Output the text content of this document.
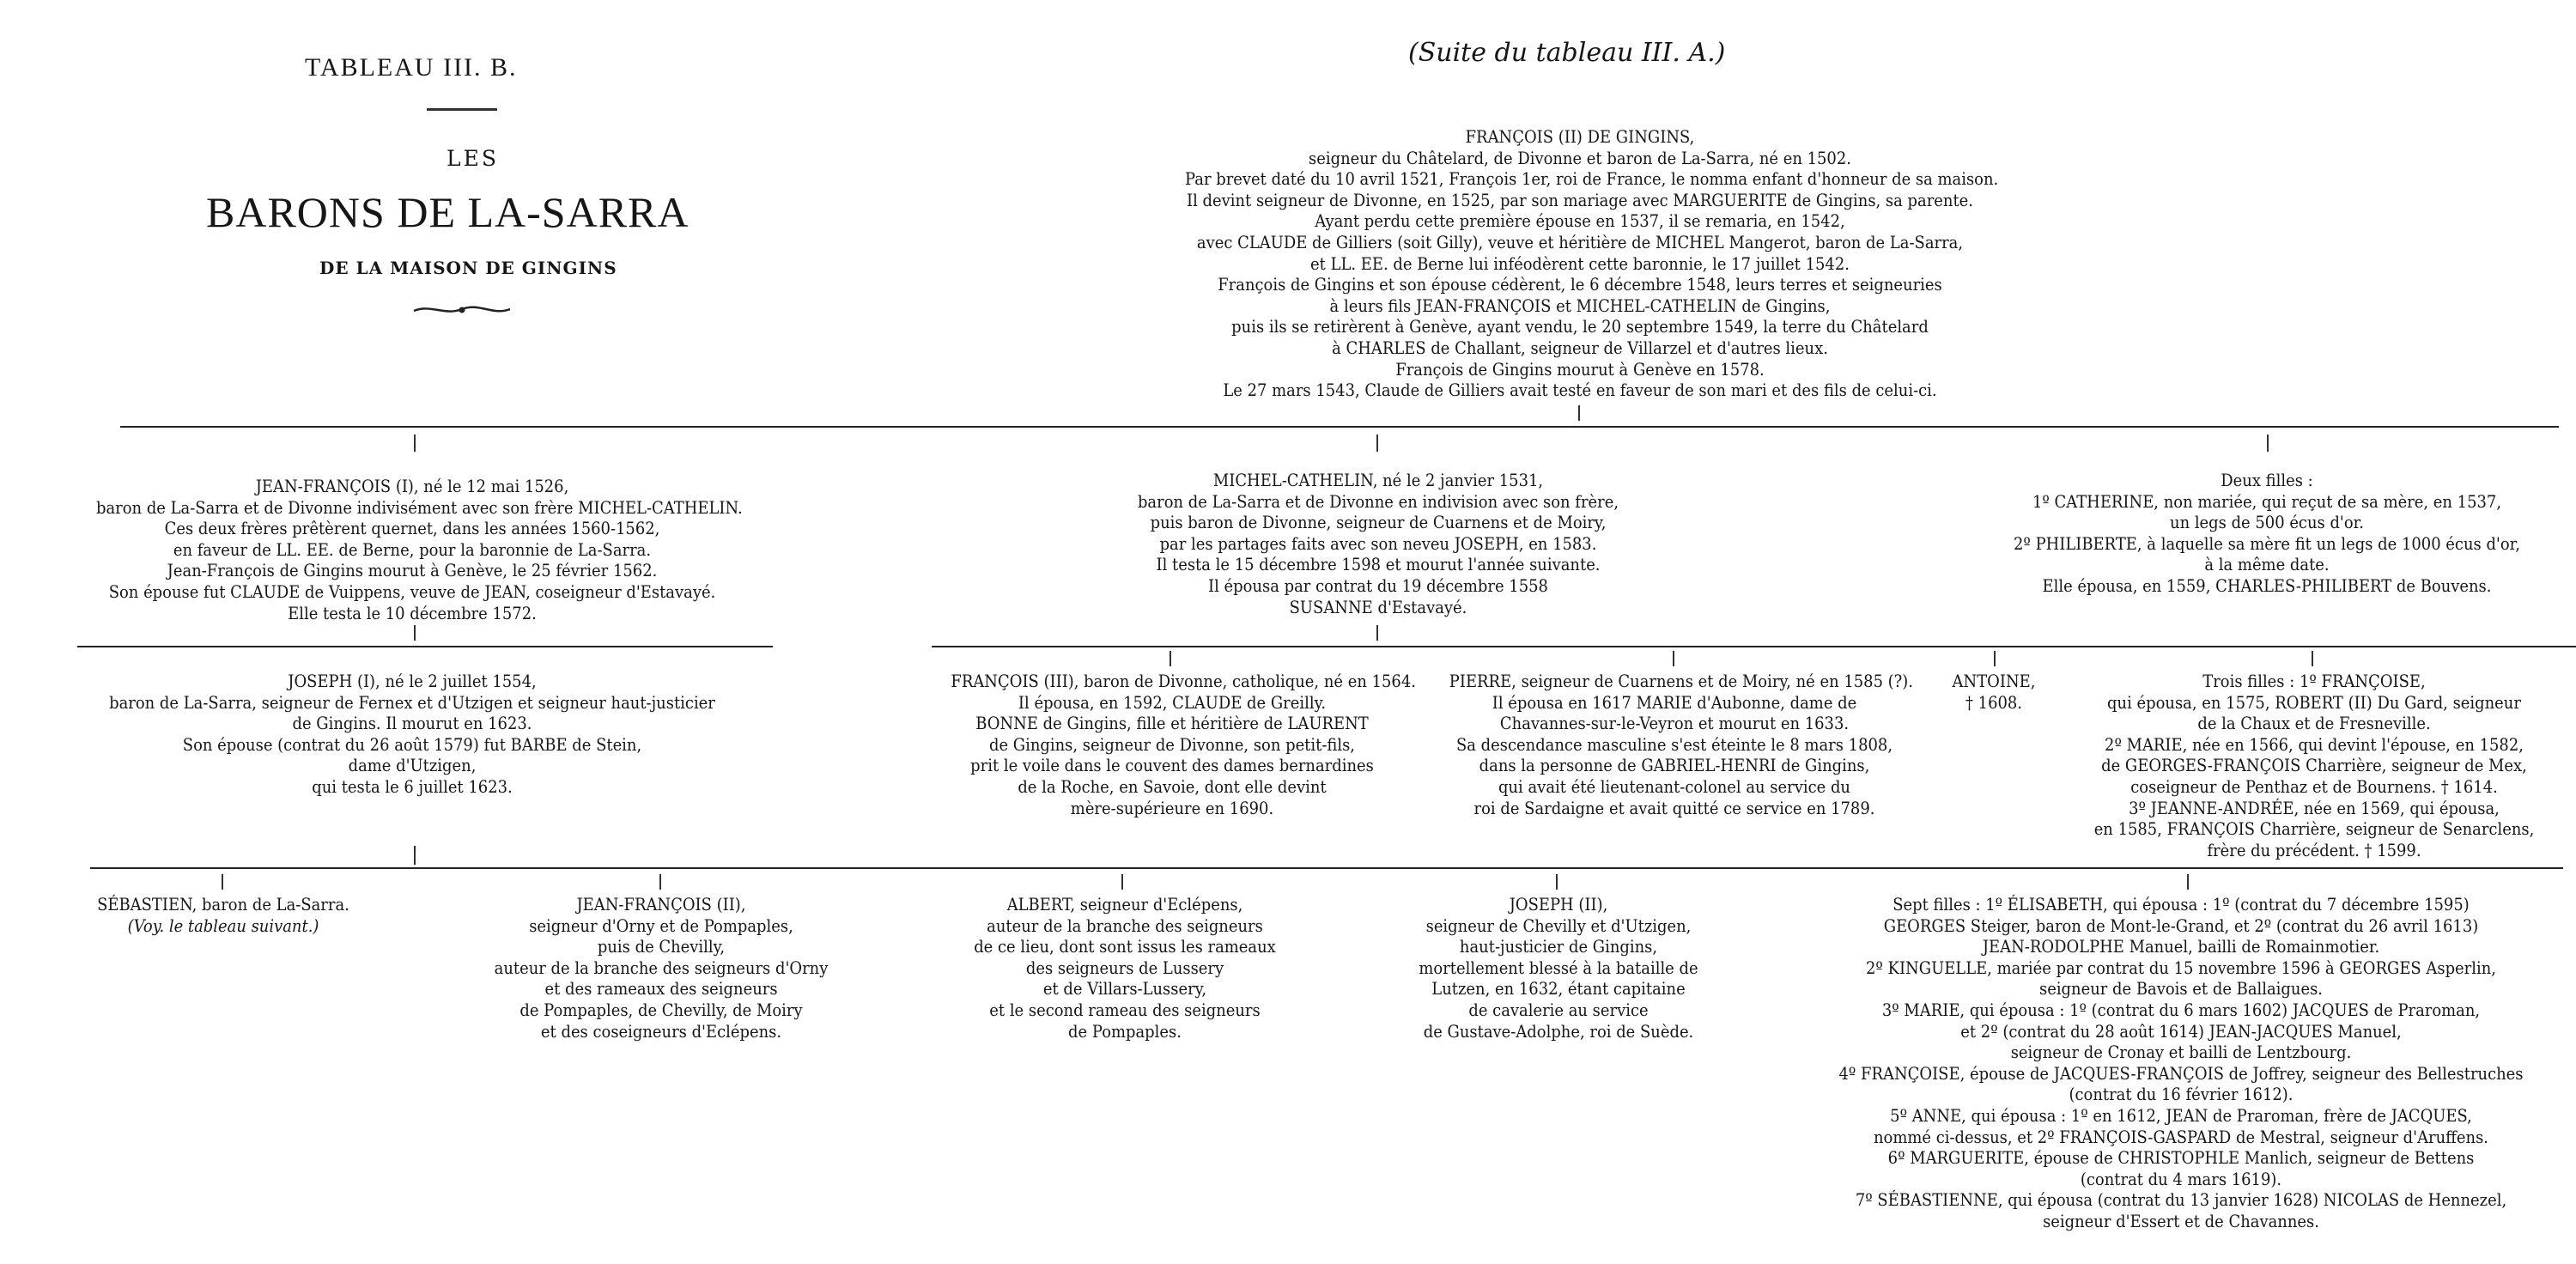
TABLEAU III. B.	(Suite du tableau III. A.)
LES
BARONS DE LA-SARRA
DE LA MAISON DE GINGINS
FRANÇOIS (II) DE GINGINS,
seigneur du Châtelard, de Divonne et baron de La-Sarra, né en 1502.
Par brevet daté du 10 avril 1521, François 1er, roi de France, le nomma enfant d'honneur de sa maison.
Il devint seigneur de Divonne, en 1525, par son mariage avec MARGUERITE de Gingins, sa parente.
Ayant perdu cette première épouse en 1537, il se remaria, en 1542,
avec CLAUDE de Gilliers (soit Gilly), veuve et héritière de MICHEL Mangerot, baron de La-Sarra,
et LL. EE. de Berne lui inféodèrent cette baronnie, le 17 juillet 1542.
François de Gingins et son épouse cédèrent, le 6 décembre 1548, leurs terres et seigneuries
à leurs fils JEAN-FRANÇOIS et MICHEL-CATHELIN de Gingins,
puis ils se retirèrent à Genève, ayant vendu, le 20 septembre 1549, la terre du Châtelard
à CHARLES de Challant, seigneur de Villarzel et d'autres lieux.
François de Gingins mourut à Genève en 1578.
Le 27 mars 1543, Claude de Gilliers avait testé en faveur de son mari et des fils de celui-ci.
JEAN-FRANÇOIS (I), né le 12 mai 1526,
baron de La-Sarra et de Divonne indivisément avec son frère MICHEL-CATHELIN.
Ces deux frères prêtèrent quernet, dans les années 1560-1562,
en faveur de LL. EE. de Berne, pour la baronnie de La-Sarra.
Jean-François de Gingins mourut à Genève, le 25 février 1562.
Son épouse fut CLAUDE de Vuippens, veuve de JEAN, coseigneur d'Estavayé.
Elle testa le 10 décembre 1572.
MICHEL-CATHELIN, né le 2 janvier 1531,
baron de La-Sarra et de Divonne en indivision avec son frère,
puis baron de Divonne, seigneur de Cuarnens et de Moiry,
par les partages faits avec son neveu JOSEPH, en 1583.
Il testa le 15 décembre 1598 et mourut l'année suivante.
Il épousa par contrat du 19 décembre 1558
SUSANNE d'Estavayé.
Deux filles :
1º CATHERINE, non mariée, qui reçut de sa mère, en 1537,
un legs de 500 écus d'or.
2º PHILIBERTE, à laquelle sa mère fit un legs de 1000 écus d'or,
à la même date.
Elle épousa, en 1559, CHARLES-PHILIBERT de Bouvens.
JOSEPH (I), né le 2 juillet 1554,
baron de La-Sarra, seigneur de Fernex et d'Utzigen et seigneur haut-justicier
de Gingins. Il mourut en 1623.
Son épouse (contrat du 26 août 1579) fut BARBE de Stein,
dame d'Utzigen,
qui testa le 6 juillet 1623.
FRANÇOIS (III), baron de Divonne, catholique, né en 1564.
Il épousa, en 1592, CLAUDE de Greilly.
BONNE de Gingins, fille et héritière de LAURENT
de Gingins, seigneur de Divonne, son petit-fils,
prit le voile dans le couvent des dames bernardines
de la Roche, en Savoie, dont elle devint
mère-supérieure en 1690.
PIERRE, seigneur de Cuarnens et de Moiry, né en 1585 (?).
Il épousa en 1617 MARIE d'Aubonne, dame de
Chavannes-sur-le-Veyron et mourut en 1633.
Sa descendance masculine s'est éteinte le 8 mars 1808,
dans la personne de GABRIEL-HENRI de Gingins,
qui avait été lieutenant-colonel au service du
roi de Sardaigne et avait quitté ce service en 1789.
ANTOINE,
† 1608.
Trois filles : 1º FRANÇOISE,
qui épousa, en 1575, ROBERT (II) Du Gard, seigneur
de la Chaux et de Fresneville.
2º MARIE, née en 1566, qui devint l'épouse, en 1582,
de GEORGES-FRANÇOIS Charrière, seigneur de Mex,
coseigneur de Penthaz et de Bournens. † 1614.
3º JEANNE-ANDRÉE, née en 1569, qui épousa,
en 1585, FRANÇOIS Charrière, seigneur de Senarclens,
frère du précédent. † 1599.
SÉBASTIEN, baron de La-Sarra.
(Voy. le tableau suivant.)
JEAN-FRANÇOIS (II),
seigneur d'Orny et de Pompaples,
puis de Chevilly,
auteur de la branche des seigneurs d'Orny
et des rameaux des seigneurs
de Pompaples, de Chevilly, de Moiry
et des coseigneurs d'Eclépens.
ALBERT, seigneur d'Eclépens,
auteur de la branche des seigneurs
de ce lieu, dont sont issus les rameaux
des seigneurs de Lussery
et de Villars-Lussery,
et le second rameau des seigneurs
de Pompaples.
JOSEPH (II),
seigneur de Chevilly et d'Utzigen,
haut-justicier de Gingins,
mortellement blessé à la bataille de
Lutzen, en 1632, étant capitaine
de cavalerie au service
de Gustave-Adolphe, roi de Suède.
Sept filles : 1º ÉLISABETH, qui épousa : 1º (contrat du 7 décembre 1595)
GEORGES Steiger, baron de Mont-le-Grand, et 2º (contrat du 26 avril 1613)
JEAN-RODOLPHE Manuel, bailli de Romainmotier.
2º KINGUELLE, mariée par contrat du 15 novembre 1596 à GEORGES Asperlin,
seigneur de Bavois et de Ballaigues.
3º MARIE, qui épousa : 1º (contrat du 6 mars 1602) JACQUES de Praroman,
et 2º (contrat du 28 août 1614) JEAN-JACQUES Manuel,
seigneur de Cronay et bailli de Lentzbourg.
4º FRANÇOISE, épouse de JACQUES-FRANÇOIS de Joffrey, seigneur des Bellestruches
(contrat du 16 février 1612).
5º ANNE, qui épousa : 1º en 1612, JEAN de Praroman, frère de JACQUES,
nommé ci-dessus, et 2º FRANÇOIS-GASPARD de Mestral, seigneur d'Aruffens.
6º MARGUERITE, épouse de CHRISTOPHLE Manlich, seigneur de Bettens
(contrat du 4 mars 1619).
7º SÉBASTIENNE, qui épousa (contrat du 13 janvier 1628) NICOLAS de Hennezel,
seigneur d'Essert et de Chavannes.
